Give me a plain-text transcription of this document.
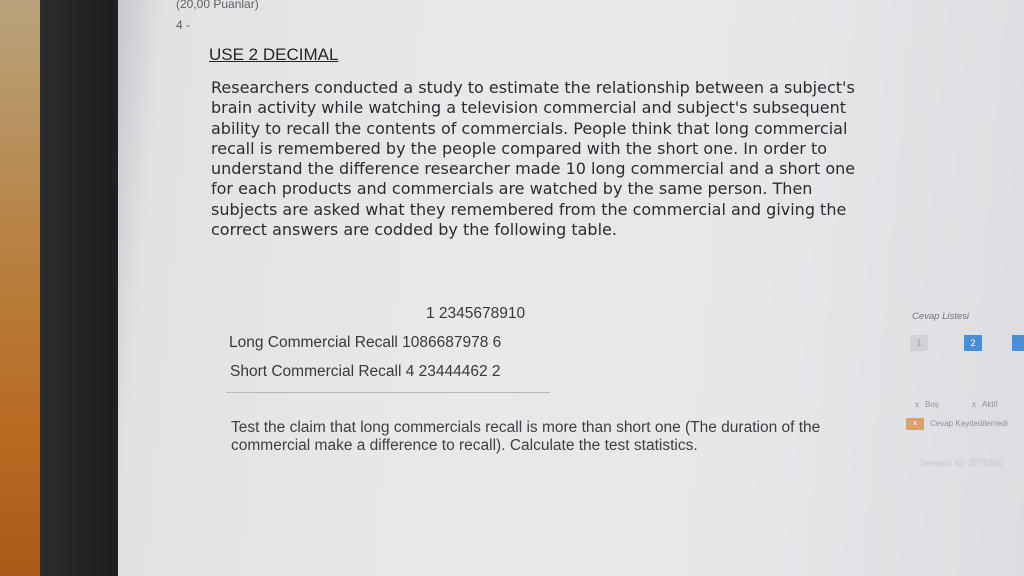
(20,00 Puanlar)
4 -
USE 2 DECIMAL
Researchers conducted a study to estimate the relationship between a subject's brain activity while watching a television commercial and subject's subsequent ability to recall the contents of commercials. People think that long commercial recall is remembered by the people compared with the short one. In order to understand the difference researcher made 10 long commercial and a short one for each products and commercials are watched by the same person. Then subjects are asked what they remembered from the commercial and giving the correct answers are codded by the following table.
1 2345678910
Long Commercial Recall 1086687978 6
Short Commercial Recall 4 23444462 2
Test the claim that long commercials recall is more than short one (The duration of the commercial make a difference to recall). Calculate the test statistics.
Cevap Listesi
1	2
x Boş	x Aktif
x Cevap Kaydedilemedi
Session ID: 2075260
